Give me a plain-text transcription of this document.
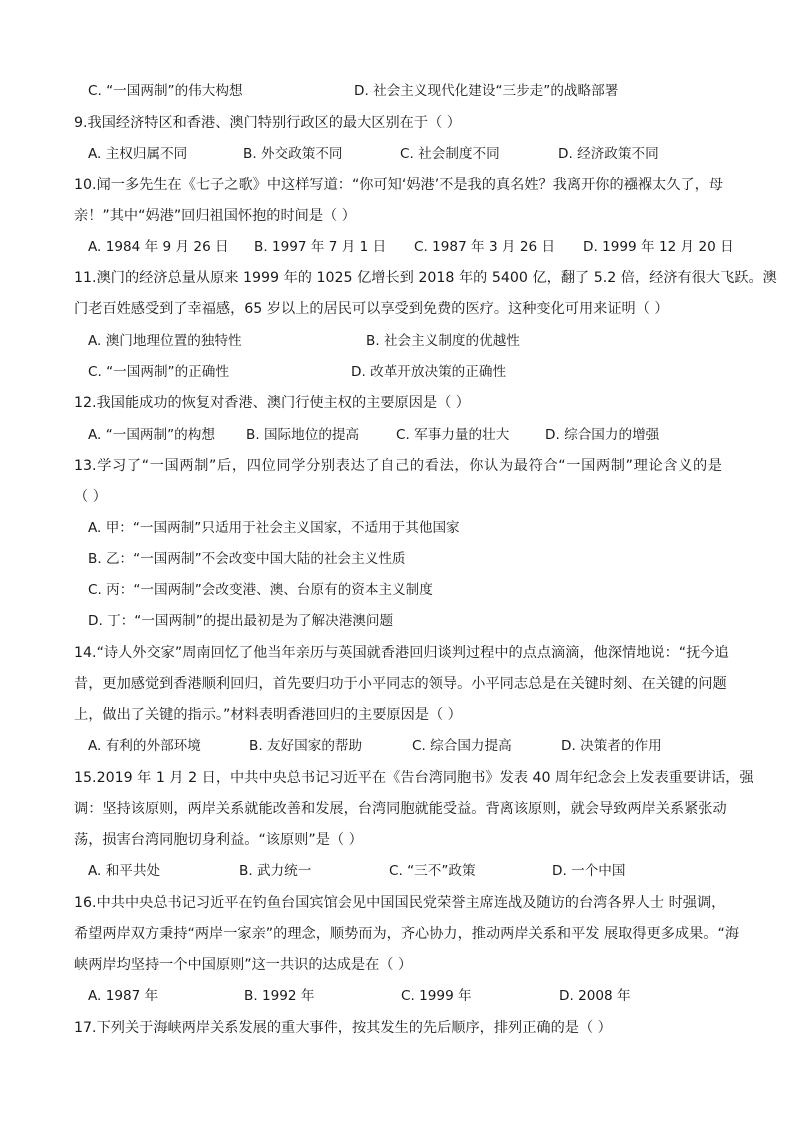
C. “一国两制”的伟大构想	D. 社会主义现代化建设“三步走”的战略部署
9.我国经济特区和香港、澳门特别行政区的最大区别在于（ ）
A. 主权归属不同	B. 外交政策不同	C. 社会制度不同	D. 经济政策不同
10.闻一多先生在《七子之歌》中这样写道：“你可知‘妈港’不是我的真名姓？我离开你的襁褓太久了，母
亲！”其中“妈港”回归祖国怀抱的时间是（ ）
A. 1984 年 9 月 26 日 B. 1997 年 7 月 1 日 C. 1987 年 3 月 26 日 D. 1999 年 12 月 20 日
11.澳门的经济总量从原来 1999 年的 1025 亿增长到 2018 年的 5400 亿，翻了 5.2 倍，经济有很大飞跃。澳
门老百姓感受到了幸福感，65 岁以上的居民可以享受到免费的医疗。这种变化可用来证明（ ）
A. 澳门地理位置的独特性	B. 社会主义制度的优越性
C. “一国两制”的正确性	D. 改革开放决策的正确性
12.我国能成功的恢复对香港、澳门行使主权的主要原因是（ ）
A. “一国两制”的构想 B. 国际地位的提高	C. 军事力量的壮大	D. 综合国力的增强
13.学习了“一国两制”后，四位同学分别表达了自己的看法，你认为最符合“一国两制”理论含义的是
（ ）
A. 甲：“一国两制”只适用于社会主义国家，不适用于其他国家
B. 乙：“一国两制”不会改变中国大陆的社会主义性质
C. 丙：“一国两制”会改变港、澳、台原有的资本主义制度
D. 丁：“一国两制”的提出最初是为了解决港澳问题
14.“诗人外交家”周南回忆了他当年亲历与英国就香港回归谈判过程中的点点滴滴，他深情地说：“抚今追
昔，更加感觉到香港顺利回归，首先要归功于小平同志的领导。小平同志总是在关键时刻、在关键的问题
上，做出了关键的指示。”材料表明香港回归的主要原因是（ ）
A. 有利的外部环境	B. 友好国家的帮助	C. 综合国力提高	D. 决策者的作用
15.2019 年 1 月 2 日，中共中央总书记习近平在《告台湾同胞书》发表 40 周年纪念会上发表重要讲话，强
调：坚持该原则，两岸关系就能改善和发展，台湾同胞就能受益。背离该原则，就会导致两岸关系紧张动
荡，损害台湾同胞切身利益。“该原则”是（ ）
A. 和平共处	B. 武力统一	C. “三不”政策	D. 一个中国
16.中共中央总书记习近平在钓鱼台国宾馆会见中国国民党荣誉主席连战及随访的台湾各界人士 时强调，
希望两岸双方秉持“两岸一家亲”的理念，顺势而为，齐心协力，推动两岸关系和平发 展取得更多成果。“海
峡两岸均坚持一个中国原则”这一共识的达成是在（ ）
A. 1987 年	B. 1992 年	C. 1999 年	D. 2008 年
17.下列关于海峡两岸关系发展的重大事件，按其发生的先后顺序，排列正确的是（ ）
